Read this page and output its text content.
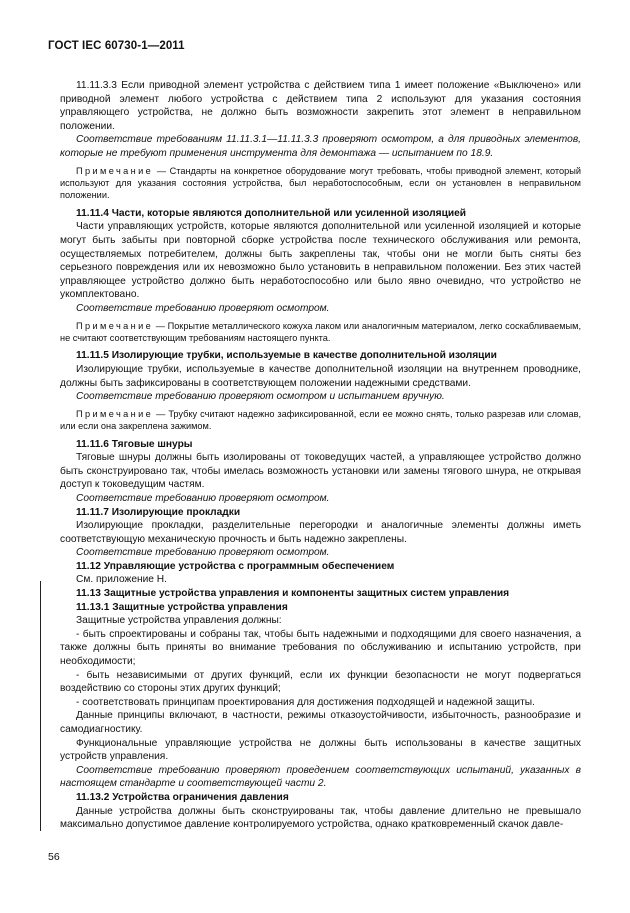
ГОСТ IEC 60730-1—2011

11.11.3.3 Если приводной элемент устройства с действием типа 1 имеет положение «Выключено» или приводной элемент любого устройства с действием типа 2 используют для указания состояния управляющего устройства, не должно быть возможности закрепить этот элемент в неправильном положении.

Соответствие требованиям 11.11.3.1—11.11.3.3 проверяют осмотром, а для приводных элементов, которые не требуют применения инструмента для демонтажа — испытанием по 18.9.

Примечание — Стандарты на конкретное оборудование могут требовать, чтобы приводной элемент, который используют для указания состояния устройства, был неработоспособным, если он установлен в неправильном положении.

11.11.4 Части, которые являются дополнительной или усиленной изоляцией

Части управляющих устройств, которые являются дополнительной или усиленной изоляцией и которые могут быть забыты при повторной сборке устройства после технического обслуживания или ремонта, осуществляемых потребителем, должны быть закреплены так, чтобы они не могли быть сняты без серьезного повреждения или их невозможно было установить в неправильном положении. Без этих частей управляющее устройство должно быть неработоспособно или было явно очевидно, что устройство не укомплектовано.

Соответствие требованию проверяют осмотром.

Примечание — Покрытие металлического кожуха лаком или аналогичным материалом, легко соскабливаемым, не считают соответствующим требованиям настоящего пункта.

11.11.5 Изолирующие трубки, используемые в качестве дополнительной изоляции

Изолирующие трубки, используемые в качестве дополнительной изоляции на внутреннем проводнике, должны быть зафиксированы в соответствующем положении надежными средствами.

Соответствие требованию проверяют осмотром и испытанием вручную.

Примечание — Трубку считают надежно зафиксированной, если ее можно снять, только разрезав или сломав, или если она закреплена зажимом.

11.11.6 Тяговые шнуры

Тяговые шнуры должны быть изолированы от токоведущих частей, а управляющее устройство должно быть сконструировано так, чтобы имелась возможность установки или замены тягового шнура, не открывая доступ к токоведущим частям.

Соответствие требованию проверяют осмотром.

11.11.7 Изолирующие прокладки

Изолирующие прокладки, разделительные перегородки и аналогичные элементы должны иметь соответствующую механическую прочность и быть надежно закреплены.

Соответствие требованию проверяют осмотром.

11.12 Управляющие устройства с программным обеспечением

См. приложение Н.

11.13 Защитные устройства управления и компоненты защитных систем управления

11.13.1 Защитные устройства управления

Защитные устройства управления должны:

- быть спроектированы и собраны так, чтобы быть надежными и подходящими для своего назначения, а также должны быть приняты во внимание требования по обслуживанию и испытанию устройств, при необходимости;

- быть независимыми от других функций, если их функции безопасности не могут подвергаться воздействию со стороны этих других функций;

- соответствовать принципам проектирования для достижения подходящей и надежной защиты.

Данные принципы включают, в частности, режимы отказоустойчивости, избыточность, разнообразие и самодиагностику.

Функциональные управляющие устройства не должны быть использованы в качестве защитных устройств управления.

Соответствие требованию проверяют проведением соответствующих испытаний, указанных в настоящем стандарте и соответствующей части 2.

11.13.2 Устройства ограничения давления

Данные устройства должны быть сконструированы так, чтобы давление длительно не превышало максимально допустимое давление контролируемого устройства, однако кратковременный скачок давле-

56
